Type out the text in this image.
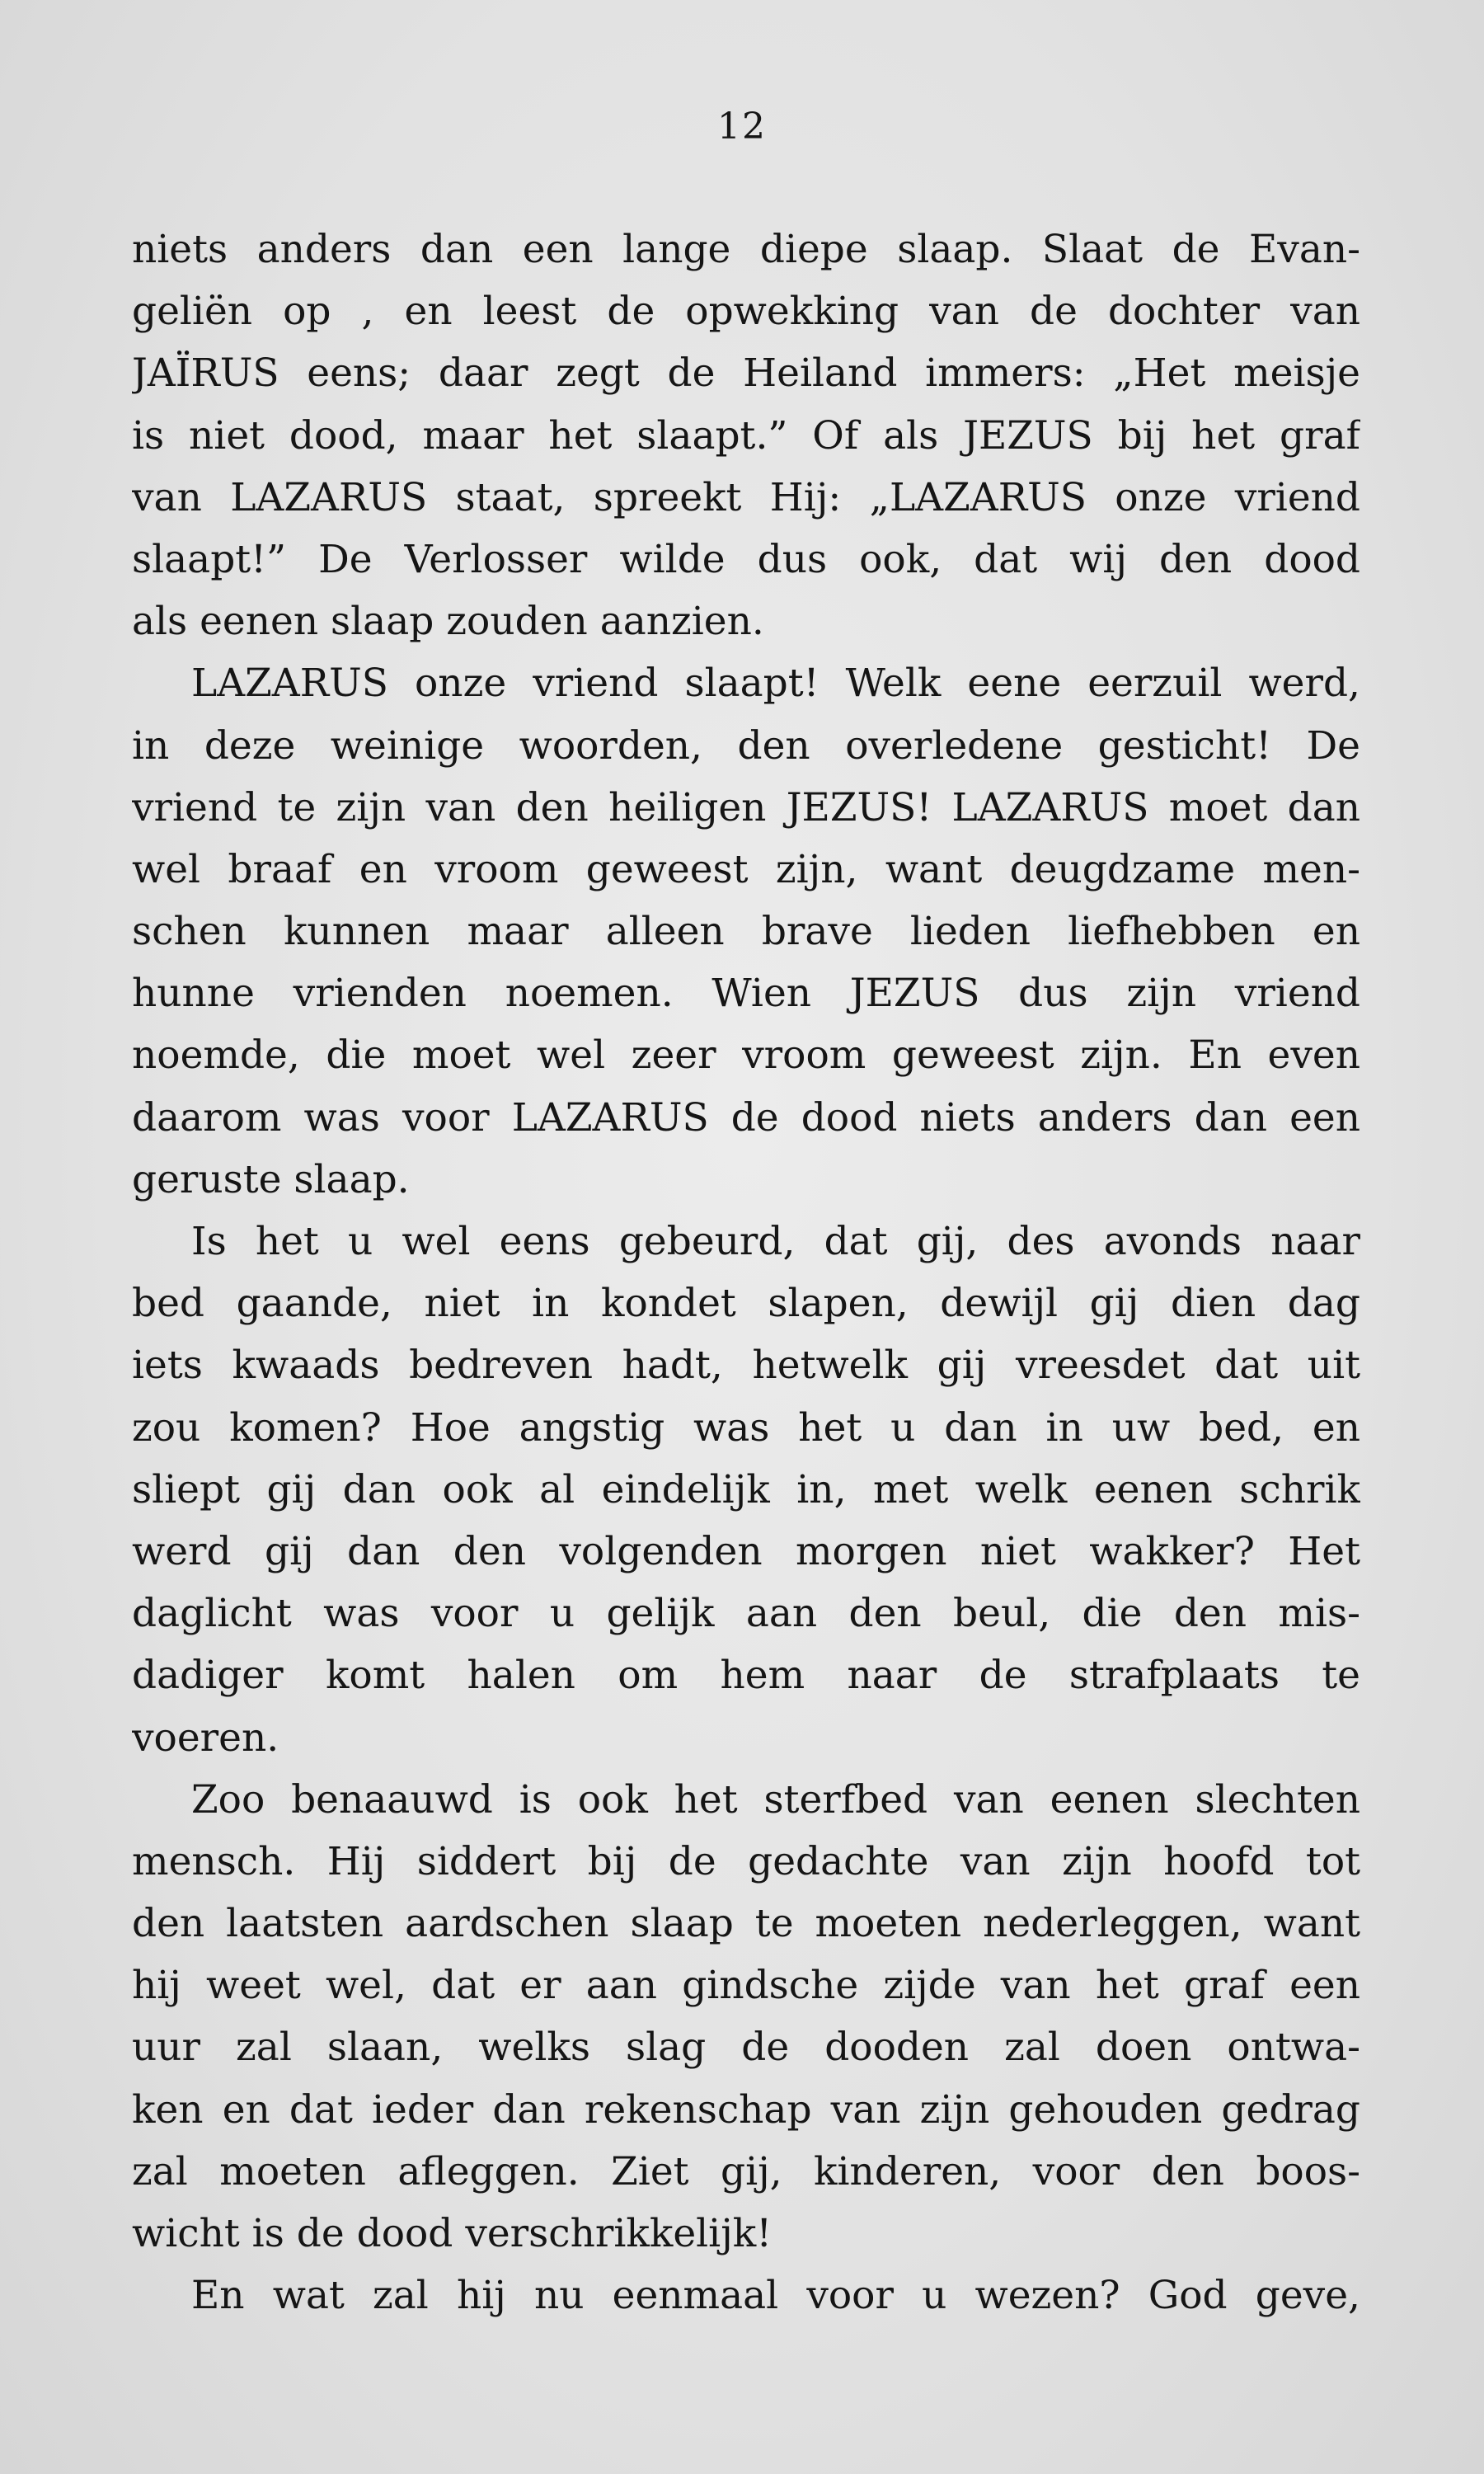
12
niets anders dan een lange diepe slaap. Slaat de Evan-
geliën op , en leest de opwekking van de dochter van
JAÏRUS eens; daar zegt de Heiland immers: „Het meisje
is niet dood, maar het slaapt.” Of als JEZUS bij het graf
van LAZARUS staat, spreekt Hij: „LAZARUS onze vriend
slaapt!” De Verlosser wilde dus ook, dat wij den dood
als eenen slaap zouden aanzien.
LAZARUS onze vriend slaapt! Welk eene eerzuil werd,
in deze weinige woorden, den overledene gesticht! De
vriend te zijn van den heiligen JEZUS! LAZARUS moet dan
wel braaf en vroom geweest zijn, want deugdzame men-
schen kunnen maar alleen brave lieden liefhebben en
hunne vrienden noemen. Wien JEZUS dus zijn vriend
noemde, die moet wel zeer vroom geweest zijn. En even
daarom was voor LAZARUS de dood niets anders dan een
geruste slaap.
Is het u wel eens gebeurd, dat gij, des avonds naar
bed gaande, niet in kondet slapen, dewijl gij dien dag
iets kwaads bedreven hadt, hetwelk gij vreesdet dat uit
zou komen? Hoe angstig was het u dan in uw bed, en
sliept gij dan ook al eindelijk in, met welk eenen schrik
werd gij dan den volgenden morgen niet wakker? Het
daglicht was voor u gelijk aan den beul, die den mis-
dadiger komt halen om hem naar de strafplaats te
voeren.
Zoo benaauwd is ook het sterfbed van eenen slechten
mensch. Hij siddert bij de gedachte van zijn hoofd tot
den laatsten aardschen slaap te moeten nederleggen, want
hij weet wel, dat er aan gindsche zijde van het graf een
uur zal slaan, welks slag de dooden zal doen ontwa-
ken en dat ieder dan rekenschap van zijn gehouden gedrag
zal moeten afleggen. Ziet gij, kinderen, voor den boos-
wicht is de dood verschrikkelijk!
En wat zal hij nu eenmaal voor u wezen? God geve,
